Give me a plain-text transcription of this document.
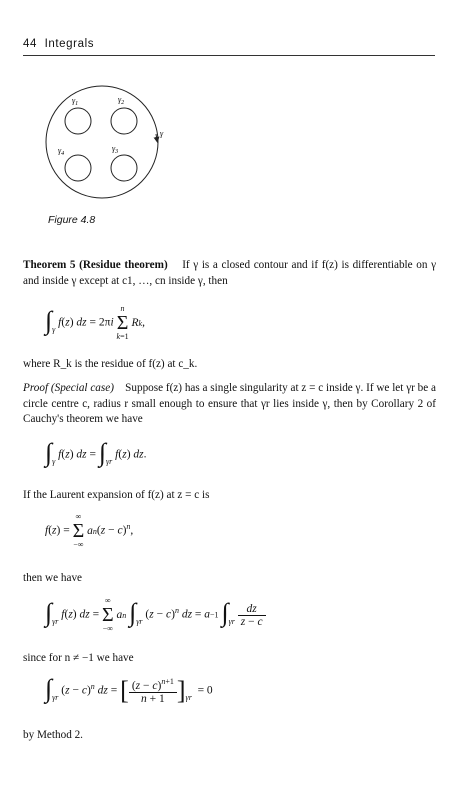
44 Integrals
$\gamma_1$	$\gamma_2$
$\gamma_3$
$\gamma_4$
γ
Figure 4.8
Theorem 5 (Residue theorem) If γ is a closed contour and if f(z) is differentiable on γ and inside γ except at c1, …, cn inside γ, then
$\int_\gamma$ f(z) dz = 2πi
n
Σ
k=1
Rk,
where R_k is the residue of f(z) at c_k.
Proof (Special case) Suppose f(z) has a single singularity at z = c inside γ. If we let γr be a circle centre c, radius r small enough to ensure that γr lies inside γ, then by Corollary 2 of Cauchy's theorem we have
$\int_\gamma$ f(z) dz = $\int_{\gamma r}$ f(z) dz.
If the Laurent expansion of f(z) at z = c is
f(z) =
∞
Σ
−∞
$an(z - c)^n$,
then we have
$\int_{\gamma r}$ f(z) dz =
∞
Σ
−∞
an $\int_{\gamma r}$ $(z - c)^n$ dz = a−1 $\int_{\gamma r} \frac{dz}{z - c}$
since for n ≠ −1 we have
$\int_{\gamma r}$ $(z - c)^n$ dz = [ $\frac{(z - c)^{n+1}}{n + 1} ]_{\gamma r} = 0$
by Method 2.
